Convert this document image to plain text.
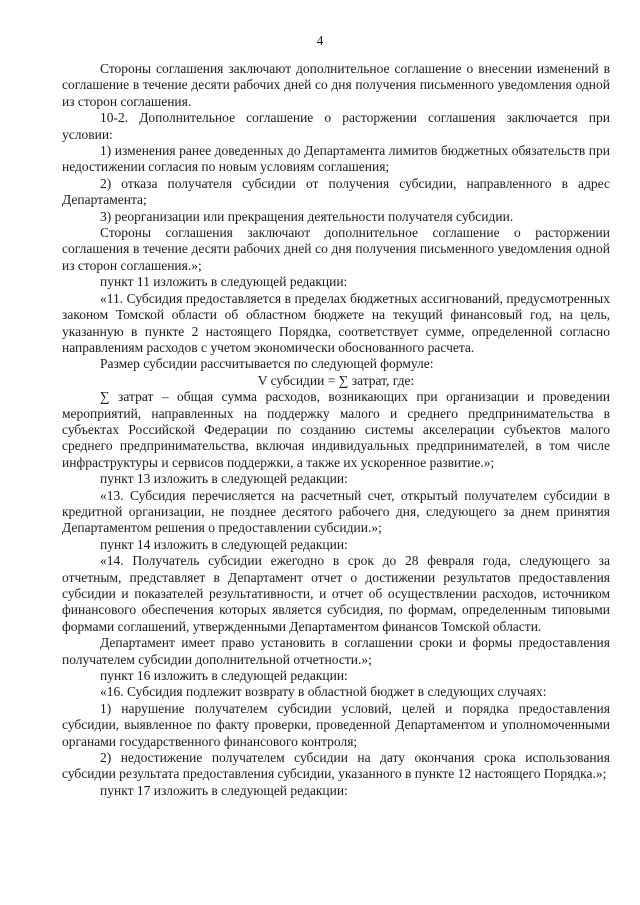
4

Стороны соглашения заключают дополнительное соглашение о внесении изменений в соглашение в течение десяти рабочих дней со дня получения письменного уведомления одной из сторон соглашения.

10-2. Дополнительное соглашение о расторжении соглашения заключается при условии:

1) изменения ранее доведенных до Департамента лимитов бюджетных обязательств при недостижении согласия по новым условиям соглашения;

2) отказа получателя субсидии от получения субсидии, направленного в адрес Департамента;

3) реорганизации или прекращения деятельности получателя субсидии.

Стороны соглашения заключают дополнительное соглашение о расторжении соглашения в течение десяти рабочих дней со дня получения письменного уведомления одной из сторон соглашения.»;

пункт 11 изложить в следующей редакции:

«11. Субсидия предоставляется в пределах бюджетных ассигнований, предусмотренных законом Томской области об областном бюджете на текущий финансовый год, на цель, указанную в пункте 2 настоящего Порядка, соответствует сумме, определенной согласно направлениям расходов с учетом экономически обоснованного расчета.

Размер субсидии рассчитывается по следующей формуле:

V субсидии = ∑ затрат, где:

∑ затрат – общая сумма расходов, возникающих при организации и проведении мероприятий, направленных на поддержку малого и среднего предпринимательства в субъектах Российской Федерации по созданию системы акселерации субъектов малого среднего предпринимательства, включая индивидуальных предпринимателей, в том числе инфраструктуры и сервисов поддержки, а также их ускоренное развитие.»;

пункт 13 изложить в следующей редакции:

«13. Субсидия перечисляется на расчетный счет, открытый получателем субсидии в кредитной организации, не позднее десятого рабочего дня, следующего за днем принятия Департаментом решения о предоставлении субсидии.»;

пункт 14 изложить в следующей редакции:

«14. Получатель субсидии ежегодно в срок до 28 февраля года, следующего за отчетным, представляет в Департамент отчет о достижении результатов предоставления субсидии и показателей результативности, и отчет об осуществлении расходов, источником финансового обеспечения которых является субсидия, по формам, определенным типовыми формами соглашений, утвержденными Департаментом финансов Томской области.

Департамент имеет право установить в соглашении сроки и формы предоставления получателем субсидии дополнительной отчетности.»;

пункт 16 изложить в следующей редакции:

«16. Субсидия подлежит возврату в областной бюджет в следующих случаях:

1) нарушение получателем субсидии условий, целей и порядка предоставления субсидии, выявленное по факту проверки, проведенной Департаментом и уполномоченными органами государственного финансового контроля;

2) недостижение получателем субсидии на дату окончания срока использования субсидии результата предоставления субсидии, указанного в пункте 12 настоящего Порядка.»;

пункт 17 изложить в следующей редакции:
